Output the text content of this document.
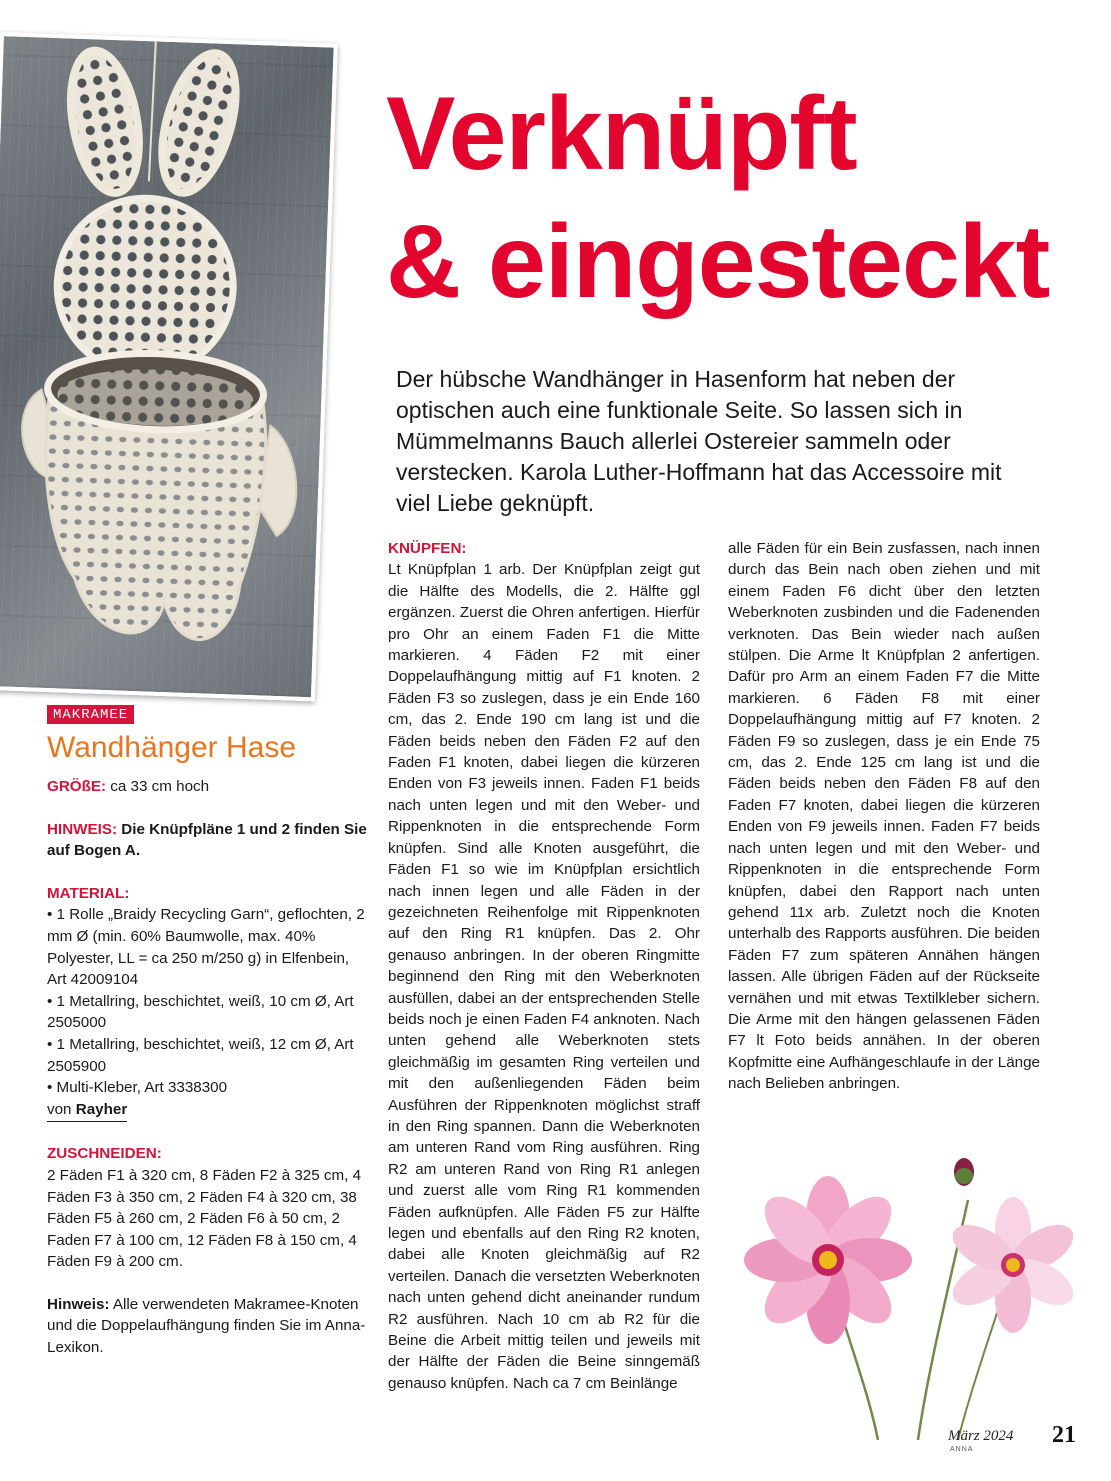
Verknüpft
& eingesteckt

Der hübsche Wandhänger in Hasenform hat neben der optischen auch eine funktionale Seite. So lassen sich in Mümmelmanns Bauch allerlei Ostereier sammeln oder verstecken. Karola Luther-Hoffmann hat das Accessoire mit viel Liebe geknüpft.

MAKRAMEE
Wandhänger Hase

GRÖßE: ca 33 cm hoch

HINWEIS: Die Knüpfpläne 1 und 2 finden Sie auf Bogen A.

MATERIAL:

• 1 Rolle „Braidy Recycling Garn“, geflochten, 2 mm Ø (min. 60% Baumwolle, max. 40% Polyester, LL = ca 250 m/250 g) in Elfenbein, Art 42009104

• 1 Metallring, beschichtet, weiß, 10 cm Ø, Art 2505000

• 1 Metallring, beschichtet, weiß, 12 cm Ø, Art 2505900

• Multi-Kleber, Art 3338300

von Rayher
ZUSCHNEIDEN:

2 Fäden F1 à 320 cm, 8 Fäden F2 à 325 cm, 4 Fäden F3 à 350 cm, 2 Fäden F4 à 320 cm, 38 Fäden F5 à 260 cm, 2 Fäden F6 à 50 cm, 2 Faden F7 à 100 cm, 12 Fäden F8 à 150 cm, 4 Fäden F9 à 200 cm.

Hinweis: Alle verwendeten Makramee-Knoten und die Doppelaufhängung finden Sie im Anna-Lexikon.

KNÜPFEN:
Lt Knüpfplan 1 arb. Der Knüpfplan zeigt gut die Hälfte des Modells, die 2. Hälfte ggl ergänzen. Zuerst die Ohren anfertigen. Hierfür pro Ohr an einem Faden F1 die Mitte markieren. 4 Fäden F2 mit einer Doppelaufhängung mittig auf F1 knoten. 2 Fäden F3 so zuslegen, dass je ein Ende 160 cm, das 2. Ende 190 cm lang ist und die Fäden beids neben den Fäden F2 auf den Faden F1 knoten, dabei liegen die kürzeren Enden von F3 jeweils innen. Faden F1 beids nach unten legen und mit den Weber- und Rippenknoten in die entsprechende Form knüpfen. Sind alle Knoten ausgeführt, die Fäden F1 so wie im Knüpfplan ersichtlich nach innen legen und alle Fäden in der gezeichneten Reihenfolge mit Rippenknoten auf den Ring R1 knüpfen. Das 2. Ohr genauso anbringen. In der oberen Ringmitte beginnend den Ring mit den Weberknoten ausfüllen, dabei an der entsprechenden Stelle beids noch je einen Faden F4 anknoten. Nach unten gehend alle Weberknoten stets gleichmäßig im gesamten Ring verteilen und mit den außenliegenden Fäden beim Ausführen der Rippenknoten möglichst straff in den Ring spannen. Dann die Weberknoten am unteren Rand vom Ring ausführen. Ring R2 am unteren Rand von Ring R1 anlegen und zuerst alle vom Ring R1 kommenden Fäden aufknüpfen. Alle Fäden F5 zur Hälfte legen und ebenfalls auf den Ring R2 knoten, dabei alle Knoten gleichmäßig auf R2 verteilen. Danach die versetzten Weberknoten nach unten gehend dicht aneinander rundum R2 ausführen. Nach 10 cm ab R2 für die Beine die Arbeit mittig teilen und jeweils mit der Hälfte der Fäden die Beine sinngemäß genauso knüpfen. Nach ca 7 cm Beinlänge
alle Fäden für ein Bein zusfassen, nach innen durch das Bein nach oben ziehen und mit einem Faden F6 dicht über den letzten Weberknoten zusbinden und die Fadenenden verknoten. Das Bein wieder nach außen stülpen. Die Arme lt Knüpfplan 2 anfertigen. Dafür pro Arm an einem Faden F7 die Mitte markieren. 6 Fäden F8 mit einer Doppelaufhängung mittig auf F7 knoten. 2 Fäden F9 so zuslegen, dass je ein Ende 75 cm, das 2. Ende 125 cm lang ist und die Fäden beids neben den Fäden F8 auf den Faden F7 knoten, dabei liegen die kürzeren Enden von F9 jeweils innen. Faden F7 beids nach unten legen und mit den Weber- und Rippenknoten in die entsprechende Form knüpfen, dabei den Rapport nach unten gehend 11x arb. Zuletzt noch die Knoten unterhalb des Rapports ausführen. Die beiden Fäden F7 zum späteren Annähen hängen lassen. Alle übrigen Fäden auf der Rückseite vernähen und mit etwas Textilkleber sichern. Die Arme mit den hängen gelassenen Fäden F7 lt Foto beids annähen. In der oberen Kopfmitte eine Aufhängeschlaufe in der Länge nach Belieben anbringen.
März 2024
ANNA
21
